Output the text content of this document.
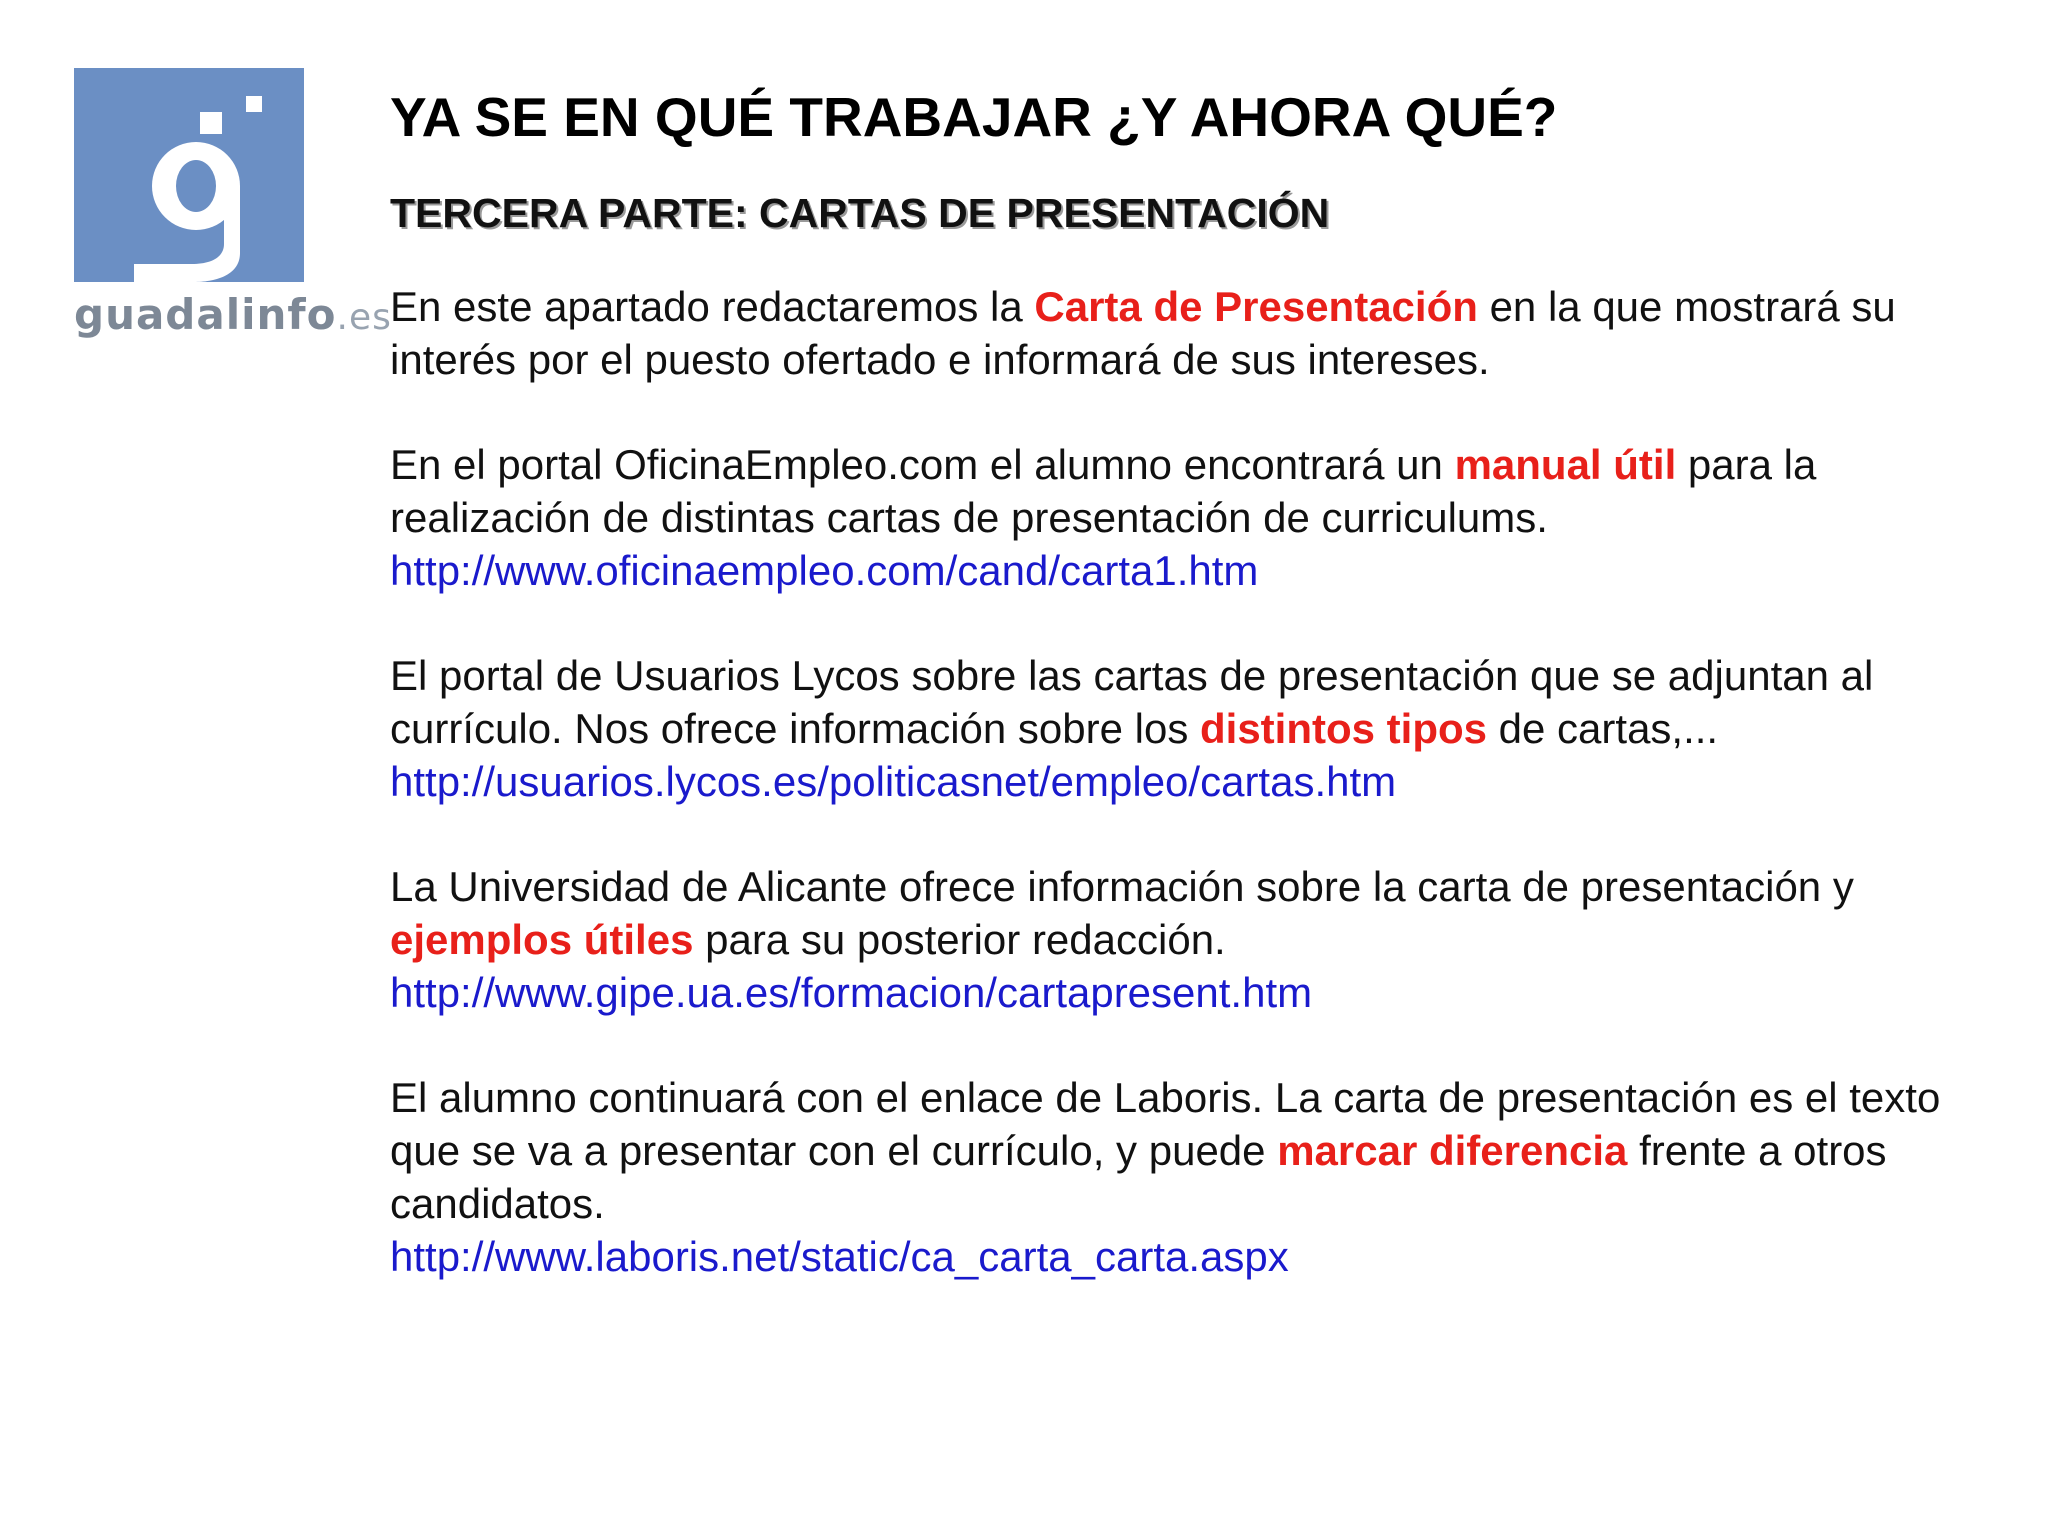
guadalinfo.es
YA SE EN QUÉ TRABAJAR ¿Y AHORA QUÉ?
TERCERA PARTE: CARTAS DE PRESENTACIÓN

En este apartado redactaremos la Carta de Presentación en la que mostrará su interés por el puesto ofertado e informará de sus intereses.

En el portal OficinaEmpleo.com el alumno encontrará un manual útil para la realización de distintas cartas de presentación de curriculums.
http://www.oficinaempleo.com/cand/carta1.htm

El portal de Usuarios Lycos sobre las cartas de presentación que se adjuntan al currículo. Nos ofrece información sobre los distintos tipos de cartas,...
http://usuarios.lycos.es/politicasnet/empleo/cartas.htm

La Universidad de Alicante ofrece información sobre la carta de presentación y ejemplos útiles para su posterior redacción.
http://www.gipe.ua.es/formacion/cartapresent.htm

El alumno continuará con el enlace de Laboris. La carta de presentación es el texto que se va a presentar con el currículo, y puede marcar diferencia frente a otros candidatos.
http://www.laboris.net/static/ca_carta_carta.aspx
